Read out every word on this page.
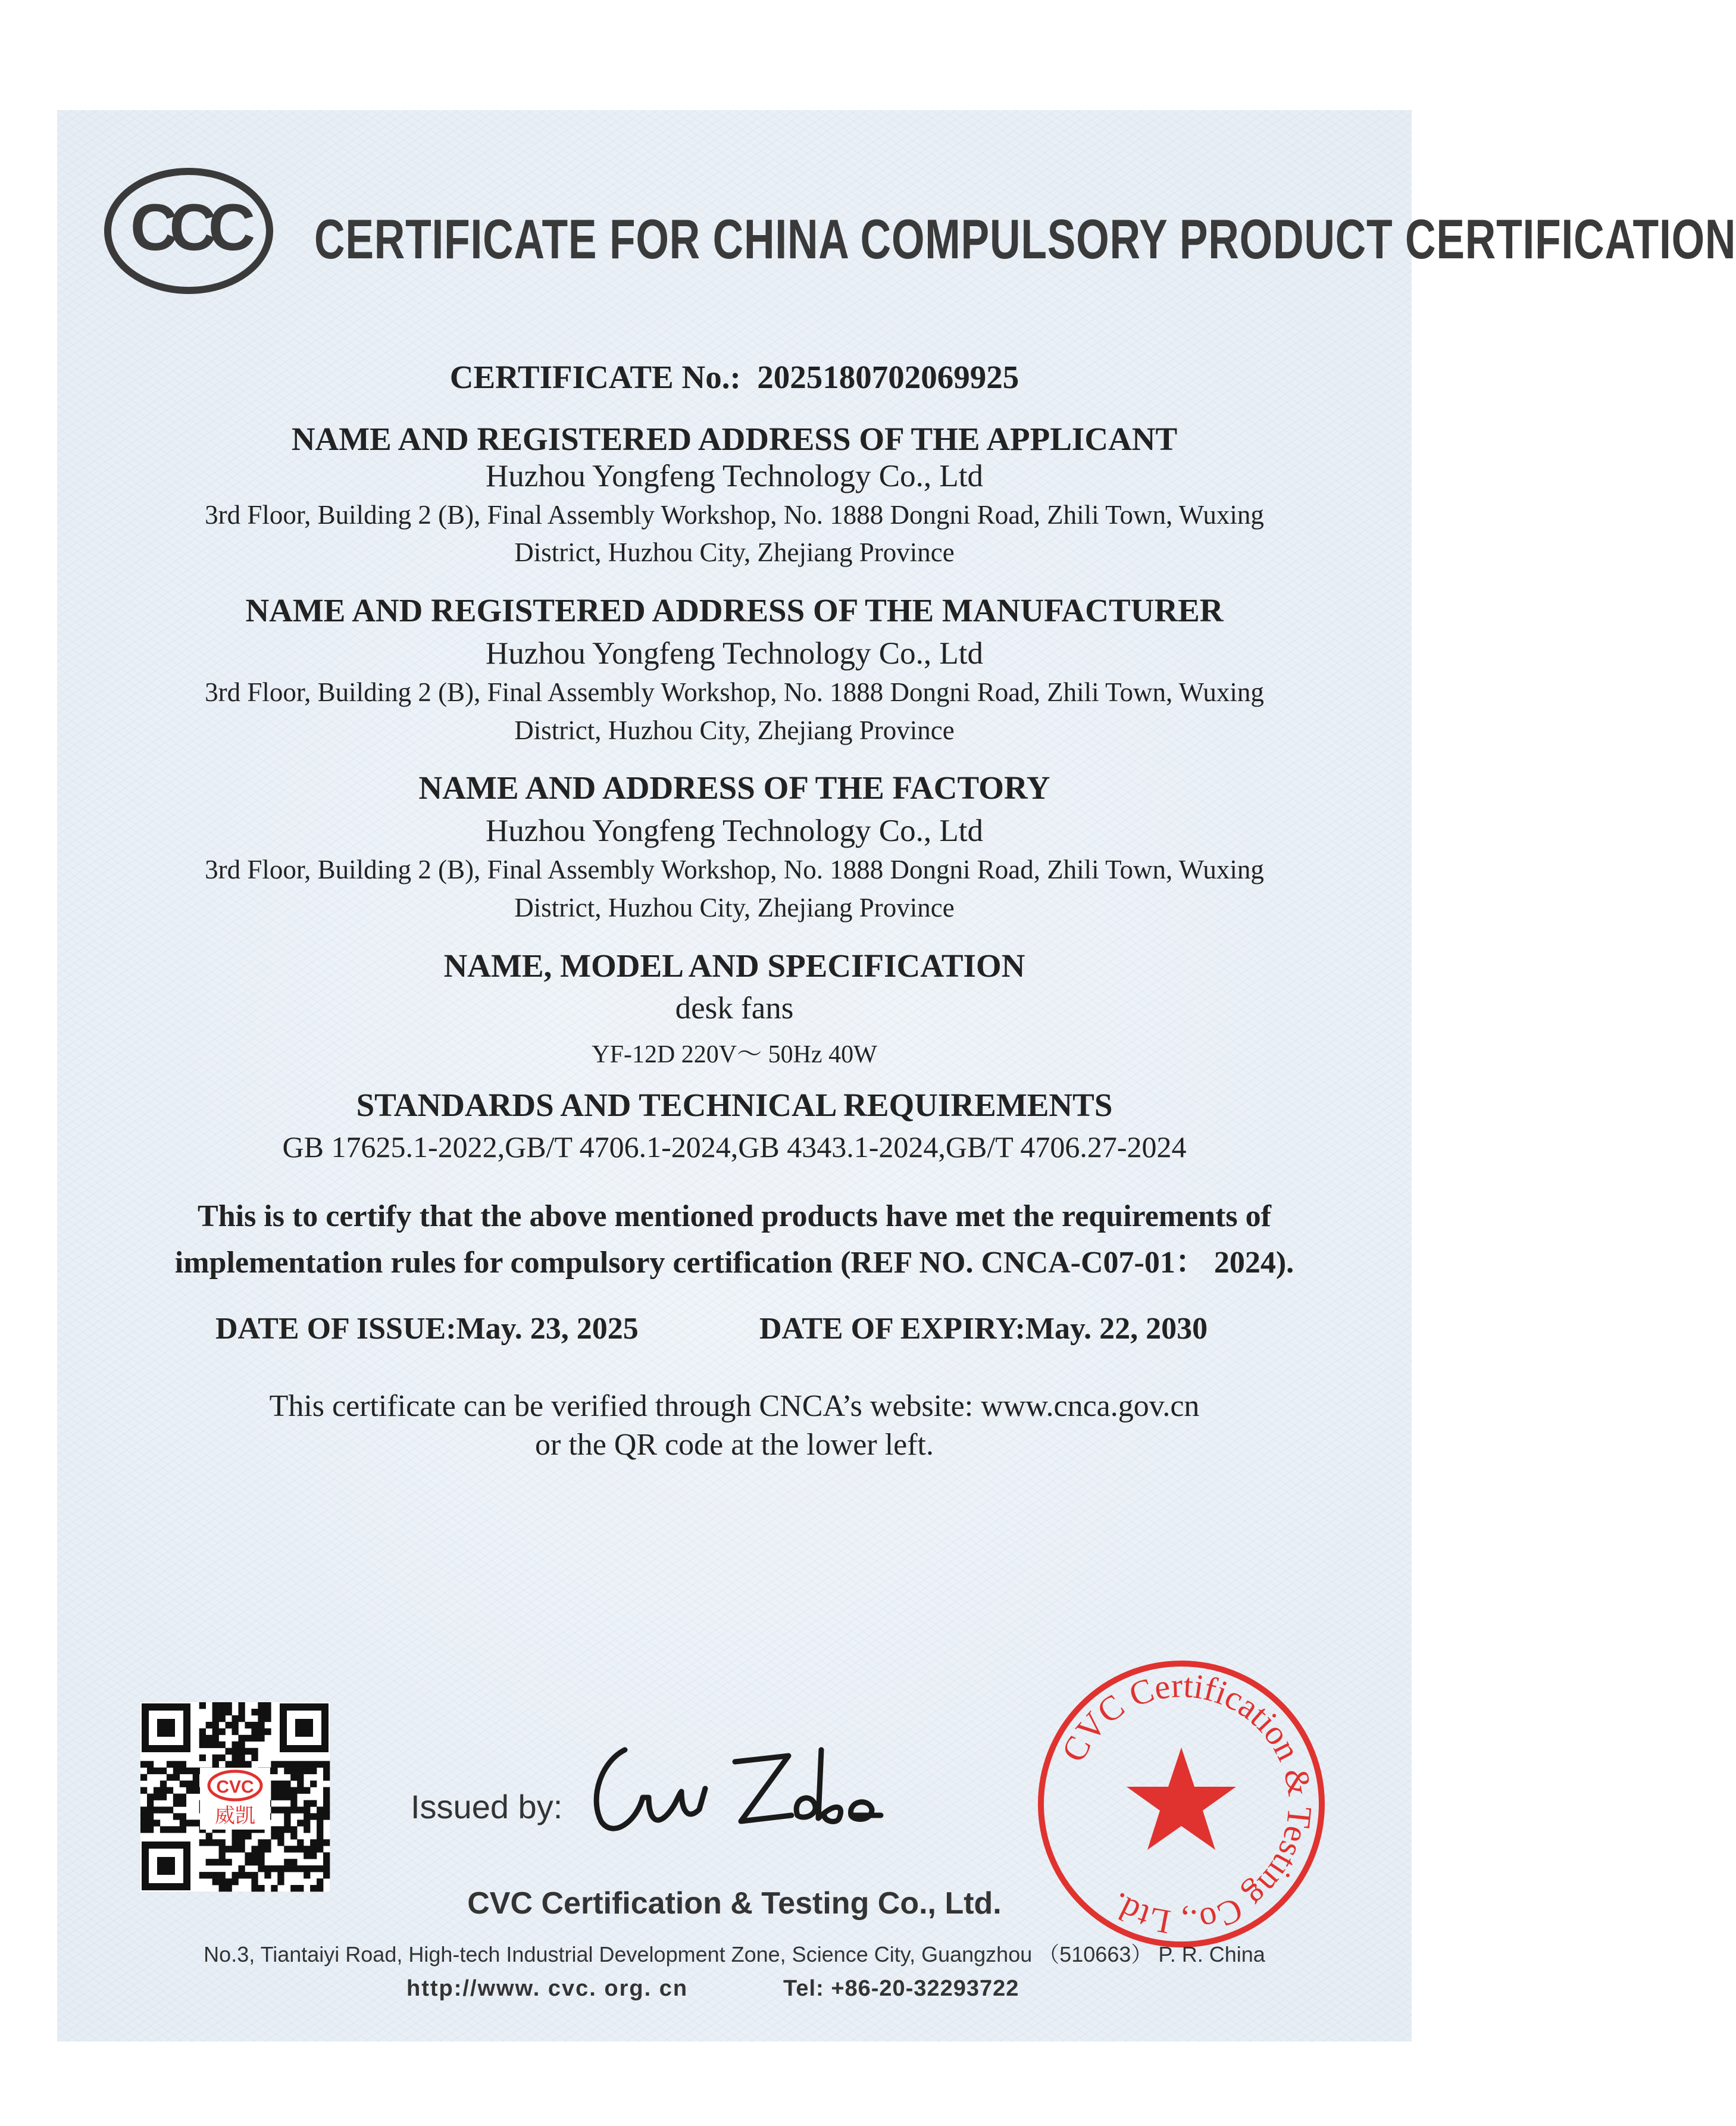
CCC CERTIFICATE FOR CHINA COMPULSORY PRODUCT CERTIFICATION
CERTIFICATE No.: 2025180702069925
NAME AND REGISTERED ADDRESS OF THE APPLICANT
Huzhou Yongfeng Technology Co., Ltd
3rd Floor, Building 2 (B), Final Assembly Workshop, No. 1888 Dongni Road, Zhili Town, Wuxing
District, Huzhou City, Zhejiang Province
NAME AND REGISTERED ADDRESS OF THE MANUFACTURER
Huzhou Yongfeng Technology Co., Ltd
3rd Floor, Building 2 (B), Final Assembly Workshop, No. 1888 Dongni Road, Zhili Town, Wuxing
District, Huzhou City, Zhejiang Province
NAME AND ADDRESS OF THE FACTORY
Huzhou Yongfeng Technology Co., Ltd
3rd Floor, Building 2 (B), Final Assembly Workshop, No. 1888 Dongni Road, Zhili Town, Wuxing
District, Huzhou City, Zhejiang Province
NAME, MODEL AND SPECIFICATION
desk fans
YF-12D 220V～ 50Hz 40W
STANDARDS AND TECHNICAL REQUIREMENTS
GB 17625.1-2022,GB/T 4706.1-2024,GB 4343.1-2024,GB/T 4706.27-2024
This is to certify that the above mentioned products have met the requirements of
implementation rules for compulsory certification (REF NO. CNCA-C07-01： 2024).
DATE OF ISSUE:May. 23, 2025	DATE OF EXPIRY:May. 22, 2030
This certificate can be verified through CNCA’s website: www.cnca.gov.cn
or the QR code at the lower left.
CVC
威凯	Issued by:
CVC Certification & Testing Co., Ltd.
CVC Certification & Testing Co., Ltd.
No.3, Tiantaiyi Road, High-tech Industrial Development Zone, Science City, Guangzhou （510663） P. R. China
http://www. cvc. org. cn	Tel: +86-20-32293722
